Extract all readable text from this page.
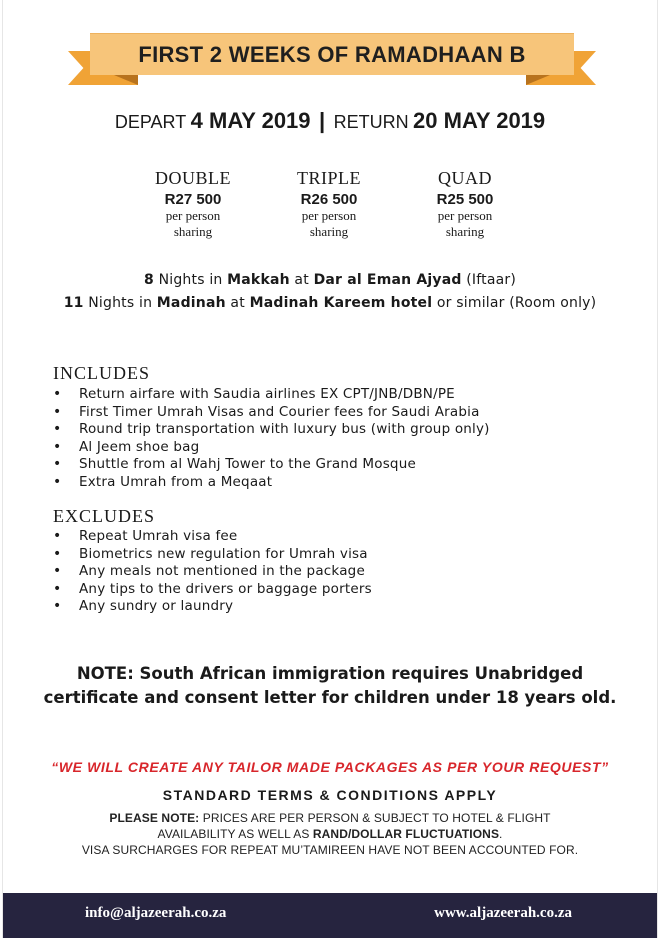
FIRST 2 WEEKS OF RAMADHAAN B
DEPART 4 MAY 2019 | RETURN 20 MAY 2019
DOUBLE
R27 500
per person
sharing
TRIPLE
R26 500
per person
sharing
QUAD
R25 500
per person
sharing
8 Nights in Makkah at Dar al Eman Ajyad (Iftaar)
11 Nights in Madinah at Madinah Kareem hotel or similar (Room only)
INCLUDES
• Return airfare with Saudia airlines EX CPT/JNB/DBN/PE
• First Timer Umrah Visas and Courier fees for Saudi Arabia
• Round trip transportation with luxury bus (with group only)
• Al Jeem shoe bag
• Shuttle from al Wahj Tower to the Grand Mosque
• Extra Umrah from a Meqaat
EXCLUDES
• Repeat Umrah visa fee
• Biometrics new regulation for Umrah visa
• Any meals not mentioned in the package
• Any tips to the drivers or baggage porters
• Any sundry or laundry
NOTE: South African immigration requires Unabridged
certificate and consent letter for children under 18 years old.
“WE WILL CREATE ANY TAILOR MADE PACKAGES AS PER YOUR REQUEST”
STANDARD TERMS & CONDITIONS APPLY
PLEASE NOTE: PRICES ARE PER PERSON & SUBJECT TO HOTEL & FLIGHT
AVAILABILITY AS WELL AS RAND/DOLLAR FLUCTUATIONS.
VISA SURCHARGES FOR REPEAT MU’TAMIREEN HAVE NOT BEEN ACCOUNTED FOR.
info@aljazeerah.co.za	www.aljazeerah.co.za
